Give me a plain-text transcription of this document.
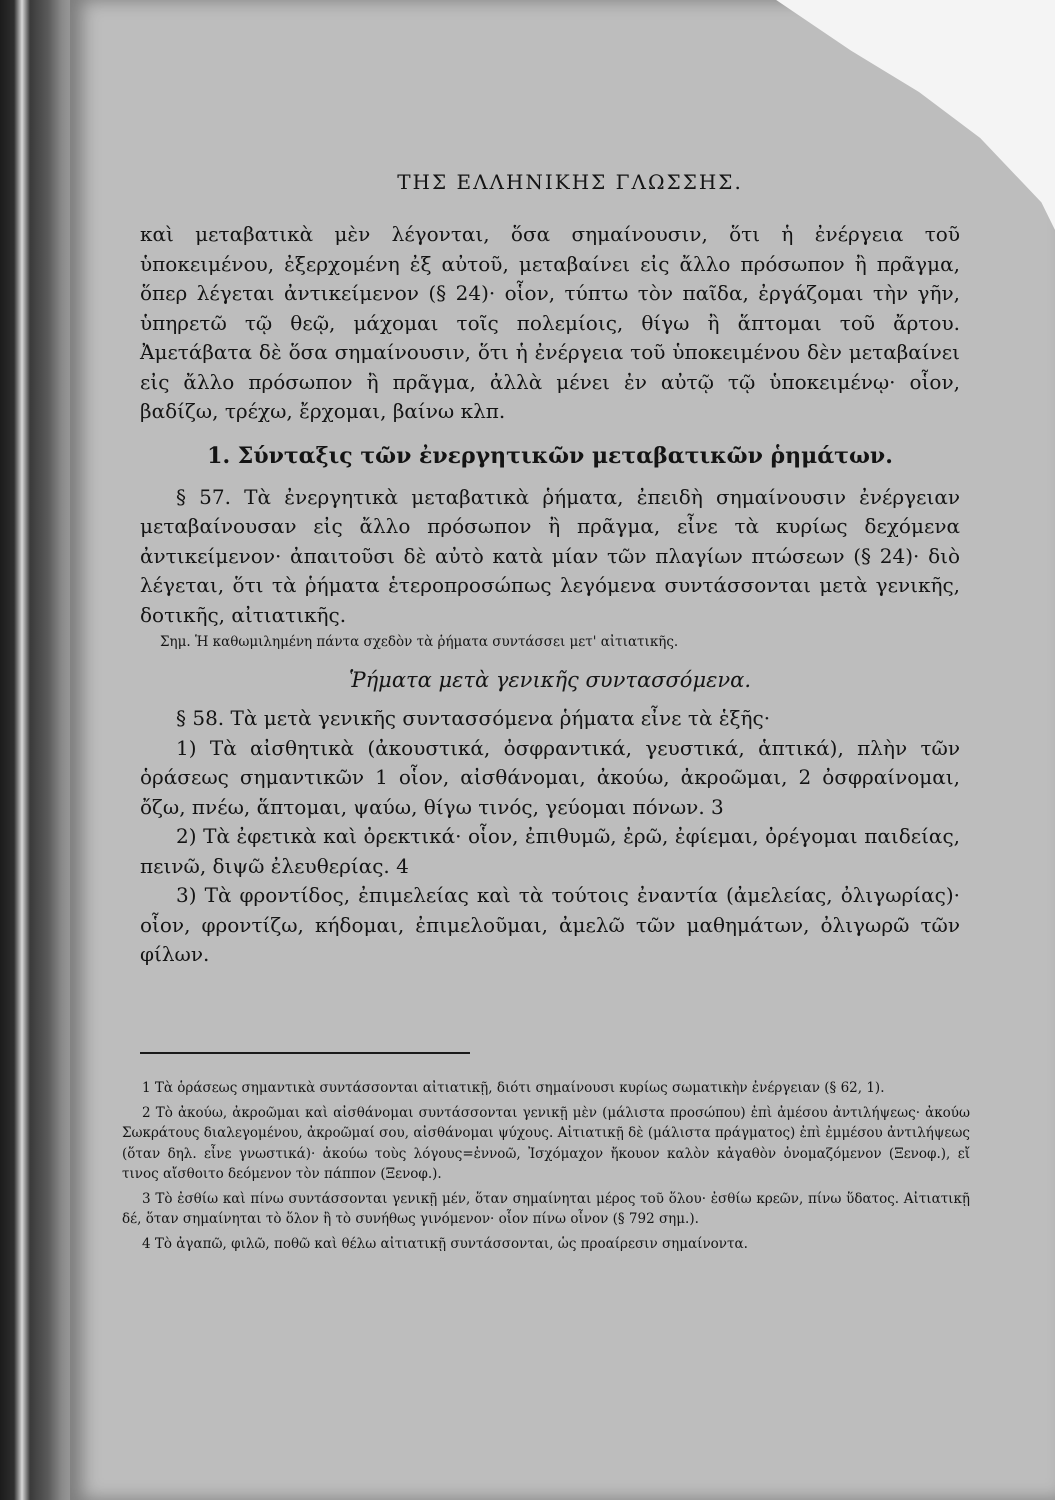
ΤΗΣ ΕΛΛΗΝΙΚΗΣ ΓΛΩΣΣΗΣ.

καὶ μεταβατικὰ μὲν λέγονται, ὅσα σημαίνουσιν, ὅτι ἡ ἐνέργεια τοῦ ὑποκειμένου, ἐξερχομένη ἐξ αὐτοῦ, μεταβαίνει εἰς ἄλλο πρόσωπον ἢ πρᾶγμα, ὅπερ λέγεται ἀντικείμενον (§ 24)· οἷον, τύπτω τὸν παῖδα, ἐργάζομαι τὴν γῆν, ὑπηρετῶ τῷ θεῷ, μάχομαι τοῖς πολεμίοις, θίγω ἢ ἅπτομαι τοῦ ἄρτου. Ἀμετάβατα δὲ ὅσα σημαίνουσιν, ὅτι ἡ ἐνέργεια τοῦ ὑποκειμένου δὲν μεταβαίνει εἰς ἄλλο πρόσωπον ἢ πρᾶγμα, ἀλλὰ μένει ἐν αὐτῷ τῷ ὑποκειμένῳ· οἷον, βαδίζω, τρέχω, ἔρχομαι, βαίνω κλπ.

1. Σύνταξις τῶν ἐνεργητικῶν μεταβατικῶν ῥημάτων.

§ 57. Τὰ ἐνεργητικὰ μεταβατικὰ ῥήματα, ἐπειδὴ σημαίνουσιν ἐνέργειαν μεταβαίνουσαν εἰς ἄλλο πρόσωπον ἢ πρᾶγμα, εἶνε τὰ κυρίως δεχόμενα ἀντικείμενον· ἀπαιτοῦσι δὲ αὐτὸ κατὰ μίαν τῶν πλαγίων πτώσεων (§ 24)· διὸ λέγεται, ὅτι τὰ ῥήματα ἑτεροπροσώπως λεγόμενα συντάσσονται μετὰ γενικῆς, δοτικῆς, αἰτιατικῆς.

Σημ. Ἡ καθωμιλημένη πάντα σχεδὸν τὰ ῥήματα συντάσσει μετ' αἰτιατικῆς.

Ῥήματα μετὰ γενικῆς συντασσόμενα.

§ 58. Τὰ μετὰ γενικῆς συντασσόμενα ῥήματα εἶνε τὰ ἑξῆς·

1) Τὰ αἰσθητικὰ (ἀκουστικά, ὀσφραντικά, γευστικά, ἁπτικά), πλὴν τῶν ὁράσεως σημαντικῶν 1 οἷον, αἰσθάνομαι, ἀκούω, ἀκροῶμαι, 2 ὀσφραίνομαι, ὄζω, πνέω, ἅπτομαι, ψαύω, θίγω τινός, γεύομαι πόνων. 3

2) Τὰ ἐφετικὰ καὶ ὀρεκτικά· οἷον, ἐπιθυμῶ, ἐρῶ, ἐφίεμαι, ὀρέγομαι παιδείας, πεινῶ, διψῶ ἐλευθερίας. 4

3) Τὰ φροντίδος, ἐπιμελείας καὶ τὰ τούτοις ἐναντία (ἀμελείας, ὀλιγωρίας)· οἷον, φροντίζω, κήδομαι, ἐπιμελοῦμαι, ἀμελῶ τῶν μαθημάτων, ὀλιγωρῶ τῶν φίλων.

1 Τὰ ὁράσεως σημαντικὰ συντάσσονται αἰτιατικῇ, διότι σημαίνουσι κυρίως σωματικὴν ἐνέργειαν (§ 62, 1).

2 Τὸ ἀκούω, ἀκροῶμαι καὶ αἰσθάνομαι συντάσσονται γενικῇ μὲν (μάλιστα προσώπου) ἐπὶ ἀμέσου ἀντιλήψεως· ἀκούω Σωκράτους διαλεγομένου, ἀκροῶμαί σου, αἰσθάνομαι ψύχους. Αἰτιατικῇ δὲ (μάλιστα πράγματος) ἐπὶ ἐμμέσου ἀντιλήψεως (ὅταν δηλ. εἶνε γνωστικά)· ἀκούω τοὺς λόγους=ἐννοῶ, Ἰσχόμαχον ἤκουον καλὸν κἀγαθὸν ὀνομαζόμενον (Ξενοφ.), εἴ τινος αἴσθοιτο δεόμενον τὸν πάππον (Ξενοφ.).

3 Τὸ ἐσθίω καὶ πίνω συντάσσονται γενικῇ μέν, ὅταν σημαίνηται μέρος τοῦ ὅλου· ἐσθίω κρεῶν, πίνω ὕδατος. Αἰτιατικῇ δέ, ὅταν σημαίνηται τὸ ὅλον ἢ τὸ συνήθως γινόμενον· οἷον πίνω οἶνον (§ 792 σημ.).

4 Τὸ ἀγαπῶ, φιλῶ, ποθῶ καὶ θέλω αἰτιατικῇ συντάσσονται, ὡς προαίρεσιν σημαίνοντα.
